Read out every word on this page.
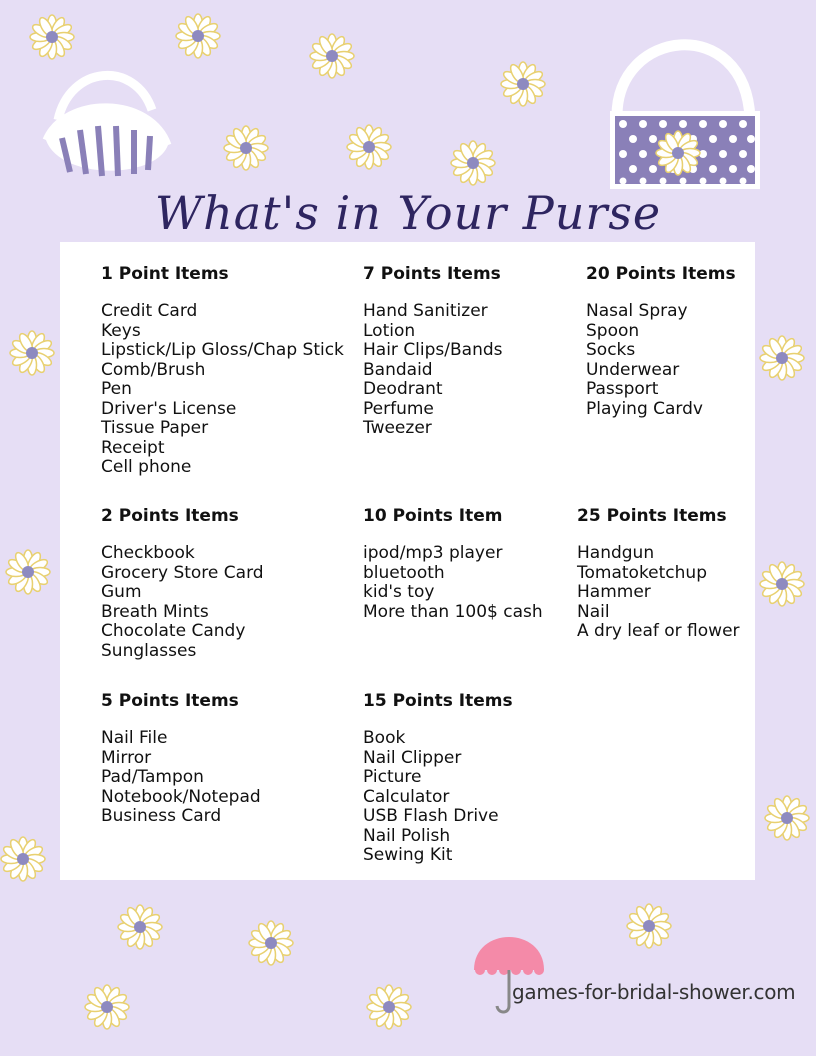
What's in Your Purse
1 Point Items
Credit Card
Keys
Lipstick/Lip Gloss/Chap Stick
Comb/Brush
Pen
Driver's License
Tissue Paper
Receipt
Cell phone
7 Points Items
Hand Sanitizer
Lotion
Hair Clips/Bands
Bandaid
Deodrant
Perfume
Tweezer
20 Points Items
Nasal Spray
Spoon
Socks
Underwear
Passport
Playing Cardv
2 Points Items
Checkbook
Grocery Store Card
Gum
Breath Mints
Chocolate Candy
Sunglasses
10 Points Item
ipod/mp3 player
bluetooth
kid's toy
More than 100$ cash
25 Points Items
Handgun
Tomatoketchup
Hammer
Nail
A dry leaf or flower
5 Points Items
Nail File
Mirror
Pad/Tampon
Notebook/Notepad
Business Card
15 Points Items
Book
Nail Clipper
Picture
Calculator
USB Flash Drive
Nail Polish
Sewing Kit
games-for-bridal-shower.com
